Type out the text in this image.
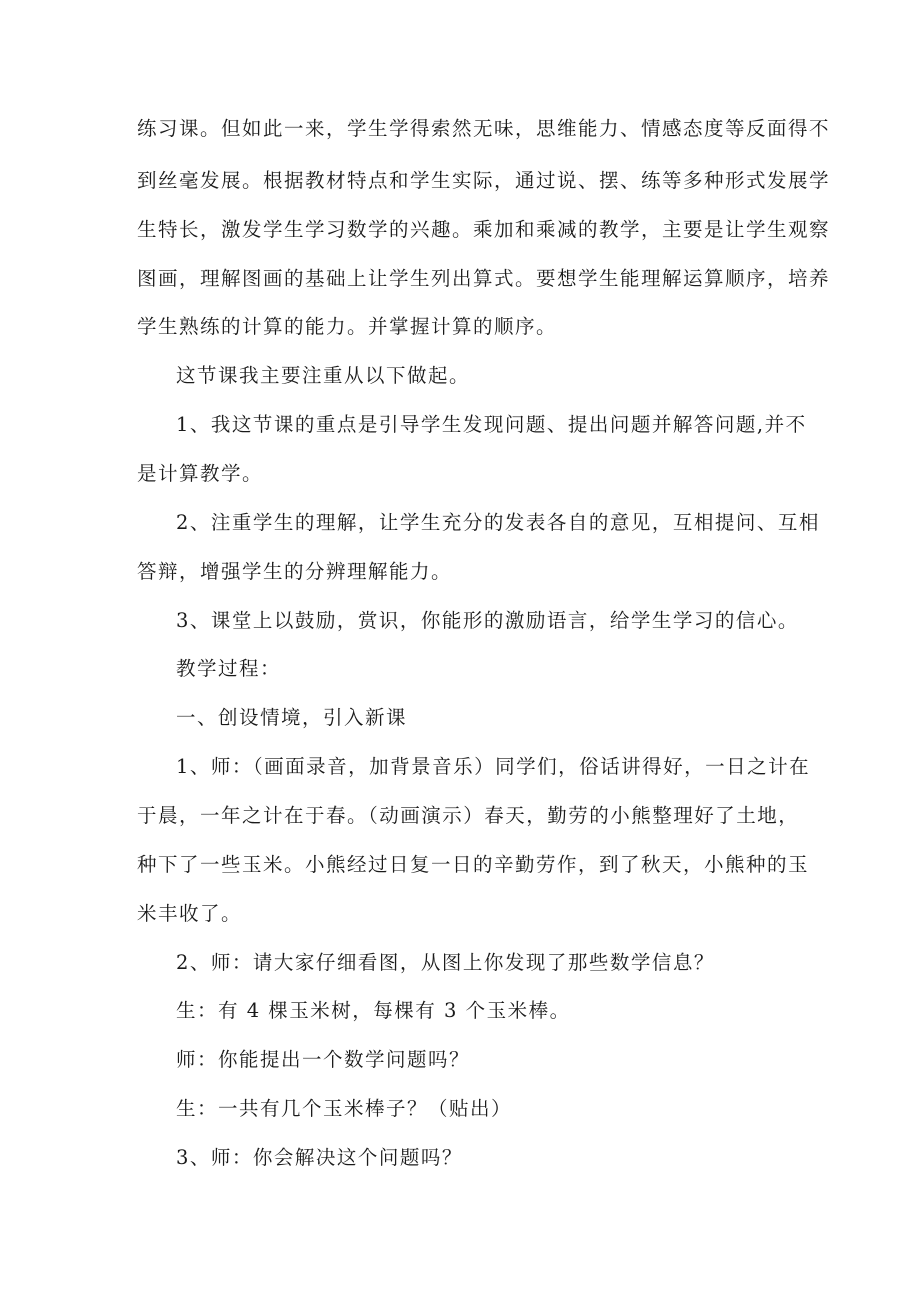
练习课。但如此一来，学生学得索然无味，思维能力、情感态度等反面得不
到丝毫发展。根据教材特点和学生实际，通过说、摆、练等多种形式发展学
生特长，激发学生学习数学的兴趣。乘加和乘减的教学，主要是让学生观察
图画，理解图画的基础上让学生列出算式。要想学生能理解运算顺序，培养
学生熟练的计算的能力。并掌握计算的顺序。
这节课我主要注重从以下做起。
1、我这节课的重点是引导学生发现问题、提出问题并解答问题,并不
是计算教学。
2、注重学生的理解，让学生充分的发表各自的意见，互相提问、互相
答辩，增强学生的分辨理解能力。
3、课堂上以鼓励，赏识，你能形的激励语言，给学生学习的信心。
教学过程：
一、创设情境，引入新课
1、师：（画面录音，加背景音乐）同学们，俗话讲得好，一日之计在
于晨，一年之计在于春。（动画演示）春天，勤劳的小熊整理好了土地，
种下了一些玉米。小熊经过日复一日的辛勤劳作，到了秋天，小熊种的玉
米丰收了。
2、师：请大家仔细看图，从图上你发现了那些数学信息？
生：有 4 棵玉米树，每棵有 3 个玉米棒。
师：你能提出一个数学问题吗？
生：一共有几个玉米棒子？（贴出）
3、师：你会解决这个问题吗？
